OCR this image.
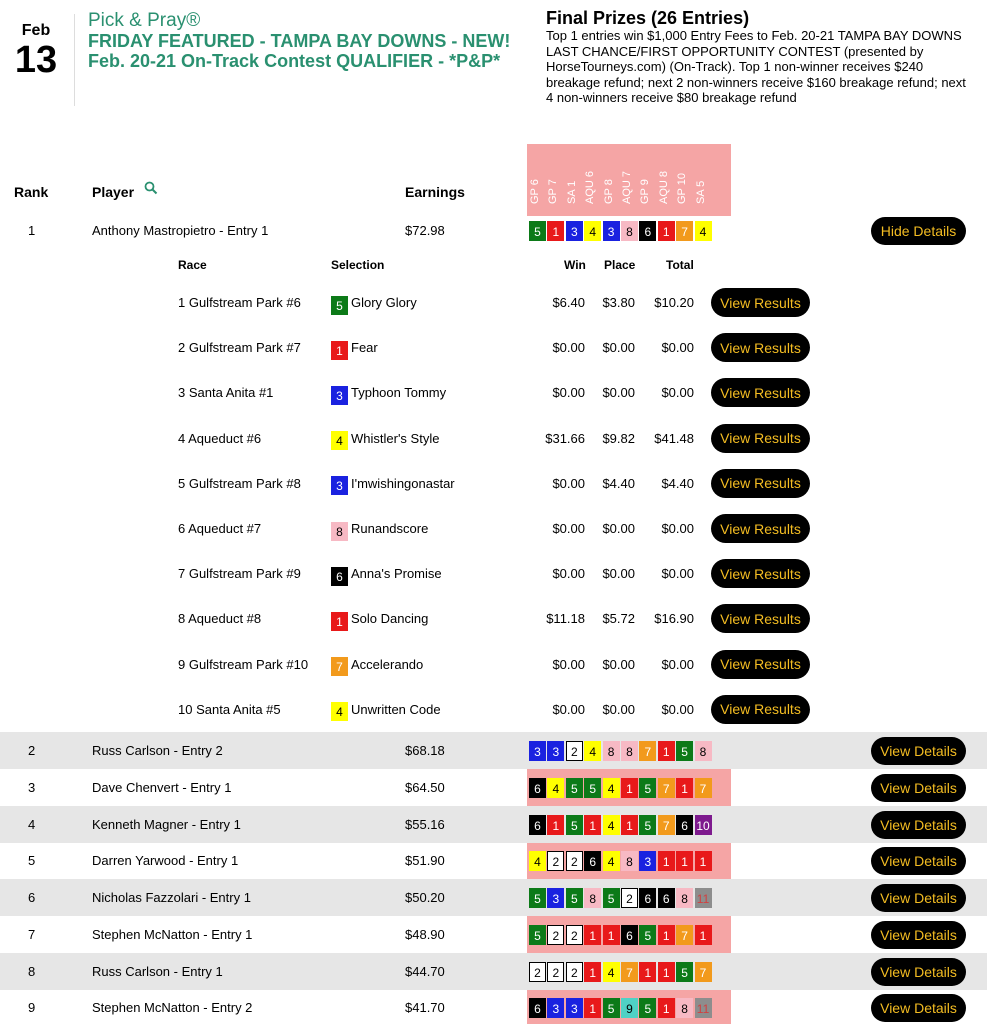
Feb
13
Pick & Pray®
FRIDAY FEATURED - TAMPA BAY DOWNS - NEW! Feb. 20-21 On-Track Contest QUALIFIER - *P&P*
Final Prizes (26 Entries)
Top 1 entries win $1,000 Entry Fees to Feb. 20-21 TAMPA BAY DOWNS LAST CHANCE/FIRST OPPORTUNITY CONTEST (presented by HorseTourneys.com) (On-Track). Top 1 non-winner receives $240 breakage refund; next 2 non-winners receive $160 breakage refund; next 4 non-winners receive $80 breakage refund
Rank	Player	Earnings	GP 6 GP 7 SA 1 AQU 6 GP 8 AQU 7 GP 9 AQU 8 GP 10 SA 5
1	Anthony Mastropietro - Entry 1	$72.98	5 1 3 4 3 8 6 1 7 4	Hide Details
2	Russ Carlson - Entry 2	$68.18	3 3 2 4 8 8 7 1 5 8	View Details
3	Dave Chenvert - Entry 1	$64.50	6 4 5 5 4 1 5 7 1 7	View Details
4	Kenneth Magner - Entry 1	$55.16	6 1 5 1 4 1 5 7 6 10	View Details
5	Darren Yarwood - Entry 1	$51.90	4 2 2 6 4 8 3 1 1 1	View Details
6	Nicholas Fazzolari - Entry 1	$50.20	5 3 5 8 5 2 6 6 8 11	View Details
7	Stephen McNatton - Entry 1	$48.90	5 2 2 1 1 6 5 1 7 1	View Details
8	Russ Carlson - Entry 1	$44.70	2 2 2 1 4 7 1 1 5 7	View Details
9	Stephen McNatton - Entry 2	$41.70	6 3 3 1 5 9 5 1 8 11	View Details
Race	Selection	Win Place	Total
1 Gulfstream Park #6	5 Glory Glory	$6.40 $3.80 $10.20	View Results
2 Gulfstream Park #7	1 Fear	$0.00 $0.00 $0.00	View Results
3 Santa Anita #1	3 Typhoon Tommy	$0.00 $0.00 $0.00	View Results
4 Aqueduct #6	4 Whistler's Style	$31.66 $9.82 $41.48	View Results
5 Gulfstream Park #8	3 I'mwishingonastar	$0.00 $4.40 $4.40	View Results
6 Aqueduct #7	8 Runandscore	$0.00 $0.00 $0.00	View Results
7 Gulfstream Park #9	6 Anna's Promise	$0.00 $0.00 $0.00	View Results
8 Aqueduct #8	1 Solo Dancing	$11.18 $5.72 $16.90	View Results
9 Gulfstream Park #10	7 Accelerando	$0.00 $0.00 $0.00	View Results
10 Santa Anita #5	4 Unwritten Code	$0.00 $0.00 $0.00	View Results
